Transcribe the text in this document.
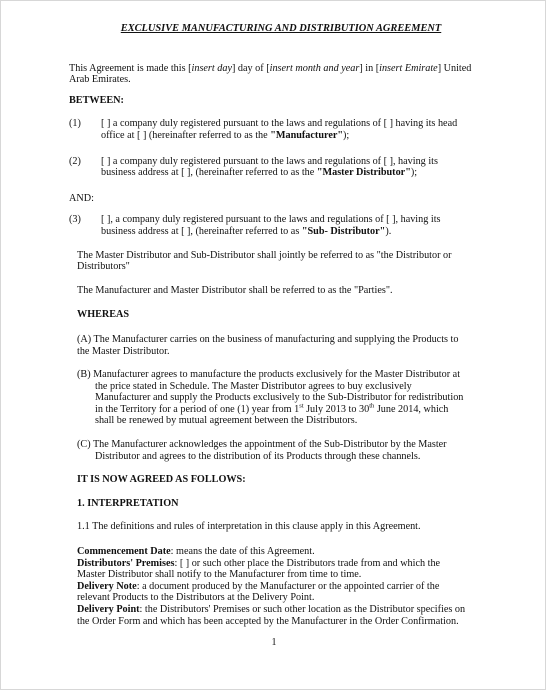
EXCLUSIVE MANUFACTURING AND DISTRIBUTION AGREEMENT
This Agreement is made this [insert day] day of [insert month and year] in [insert Emirate] United
Arab Emirates.
BETWEEN:
(1)	[ ] a company duly registered pursuant to the laws and regulations of [ ] having its head
office at [ ] (hereinafter referred to as the "Manufacturer");
(2)	[ ] a company duly registered pursuant to the laws and regulations of [ ], having its
business address at [ ], (hereinafter referred to as the "Master Distributor");
AND:
(3)	[ ], a company duly registered pursuant to the laws and regulations of [ ], having its
business address at [ ], (hereinafter referred to as "Sub- Distributor").
The Master Distributor and Sub-Distributor shall jointly be referred to as "the Distributor or
Distributors"
The Manufacturer and Master Distributor shall be referred to as the "Parties".
WHEREAS
(A) The Manufacturer carries on the business of manufacturing and supplying the Products to
the Master Distributor.
(B) Manufacturer agrees to manufacture the products exclusively for the Master Distributor at
the price stated in Schedule. The Master Distributor agrees to buy exclusively
Manufacturer and supply the Products exclusively to the Sub-Distributor for redistribution
in the Territory for a period of one (1) year from 1st July 2013 to 30th June 2014, which
shall be renewed by mutual agreement between the Distributors.
(C) The Manufacturer acknowledges the appointment of the Sub-Distributor by the Master
Distributor and agrees to the distribution of its Products through these channels.
IT IS NOW AGREED AS FOLLOWS:
1. INTERPRETATION
1.1 The definitions and rules of interpretation in this clause apply in this Agreement.
Commencement Date: means the date of this Agreement.
Distributors' Premises: [ ] or such other place the Distributors trade from and which the
Master Distributor shall notify to the Manufacturer from time to time.
Delivery Note: a document produced by the Manufacturer or the appointed carrier of the
relevant Products to the Distributors at the Delivery Point.
Delivery Point: the Distributors' Premises or such other location as the Distributor specifies on
the Order Form and which has been accepted by the Manufacturer in the Order Confirmation.
1
